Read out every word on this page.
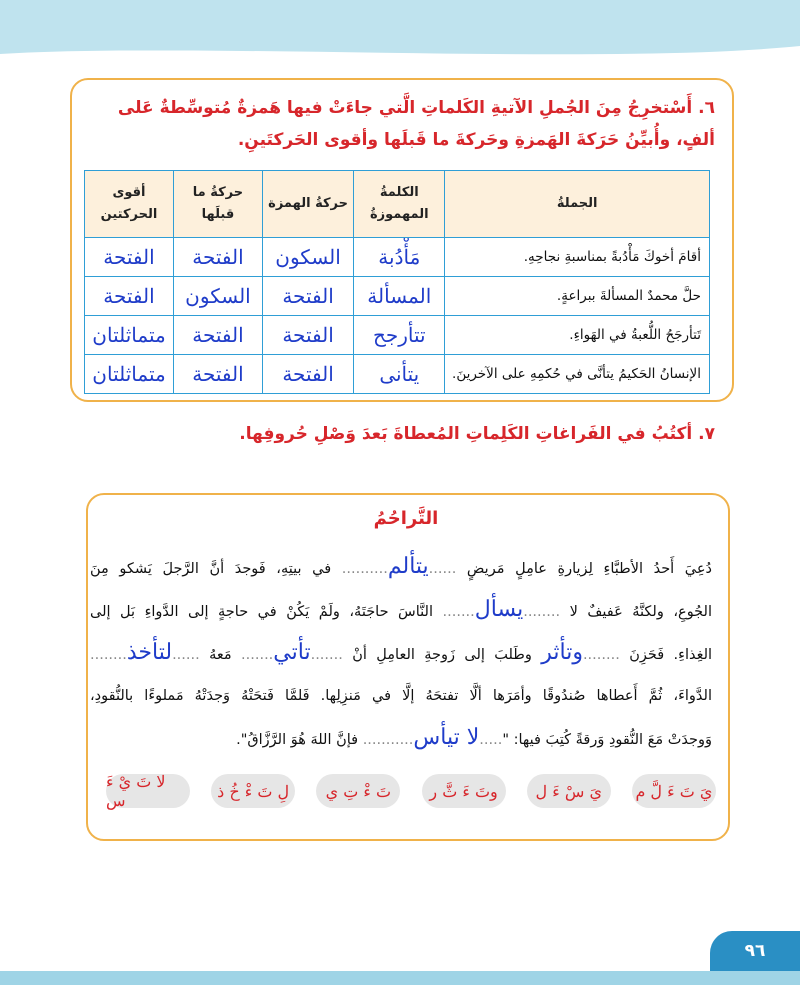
٦. أَسْتخرِجُ مِنَ الجُملِ الآتيةِ الكَلماتِ الَّتي جاءَتْ فيها هَمزةٌ مُتوسِّطةٌ عَلى ألفٍ، وأُبيِّنُ حَرَكةَ الهَمزةِ وحَركةَ ما قَبلَها وأقوى الحَركتَينِ.
الجملةُ	الكلمةُ المهموزةُ	حركةُ الهمزة	حركةُ ما قبلَها	أقوى الحركتين
أقامَ أخوكَ مَأْدُبةً بمناسبةِ نجاحِهِ.	مَأْدُبة	السكون	الفتحة	الفتحة
حلَّ محمدٌ المسألةَ ببراعةٍ.	المسألة	الفتحة	السكون	الفتحة
تَتأرجَحُ اللُّعبةُ في الهَواءِ.	تتأرجح	الفتحة	الفتحة	متماثلتان
الإنسانُ الحَكيمُ يتأنَّى في حُكمِهِ على الآخرينَ.	يتأنى	الفتحة	الفتحة	متماثلتان
٧. أكتُبُ في الفَراغاتِ الكَلِماتِ المُعطاةَ بَعدَ وَصْلِ حُروفِها.
التَّراحُمُ
دُعِيَ أَحدُ الأطبَّاءِ لِزيارةِ عامِلٍ مَريضٍ ......يتألم.......... في بيتِهِ، فَوجدَ أنَّ الرَّجلَ يَشكو مِنَ
الجُوعِ، ولكنَّهُ عَفيفٌ لا ........يسأل....... النَّاسَ حاجَتَهُ، ولَمْ يَكُنْ في حاجةٍ إلى الدَّواءِ بَل إلى
الغِذاءِ. فَحَزِنَ ........وتأثر وطَلبَ إلى زَوجةِ العامِلِ أنْ .......تأتي....... مَعهُ ......لتأخذ........
الدَّواءَ، ثُمَّ أَعطاها صُندُوقًا وأمَرَها ألَّا تفتحَهُ إلَّا في مَنزِلِها. فَلمَّا فَتحَتْهُ وَجدَتْهُ مَملوءًا بالنُّقودِ،
وَوجدَتْ مَعَ النُّقودِ وَرقةً كُتِبَ فيها: ".....لا تيأس........... فإنَّ اللهَ هُوَ الرَّزَّاقُ".
يَ تَ ءَ لَّ م
يَ سْ ءَ ل
وتَ ءَ ثَّ ر
تَ ءْ تِ ي
لِ تَ ءْ خُ ذ
لا تَ يْ ءَ س
٩٦
